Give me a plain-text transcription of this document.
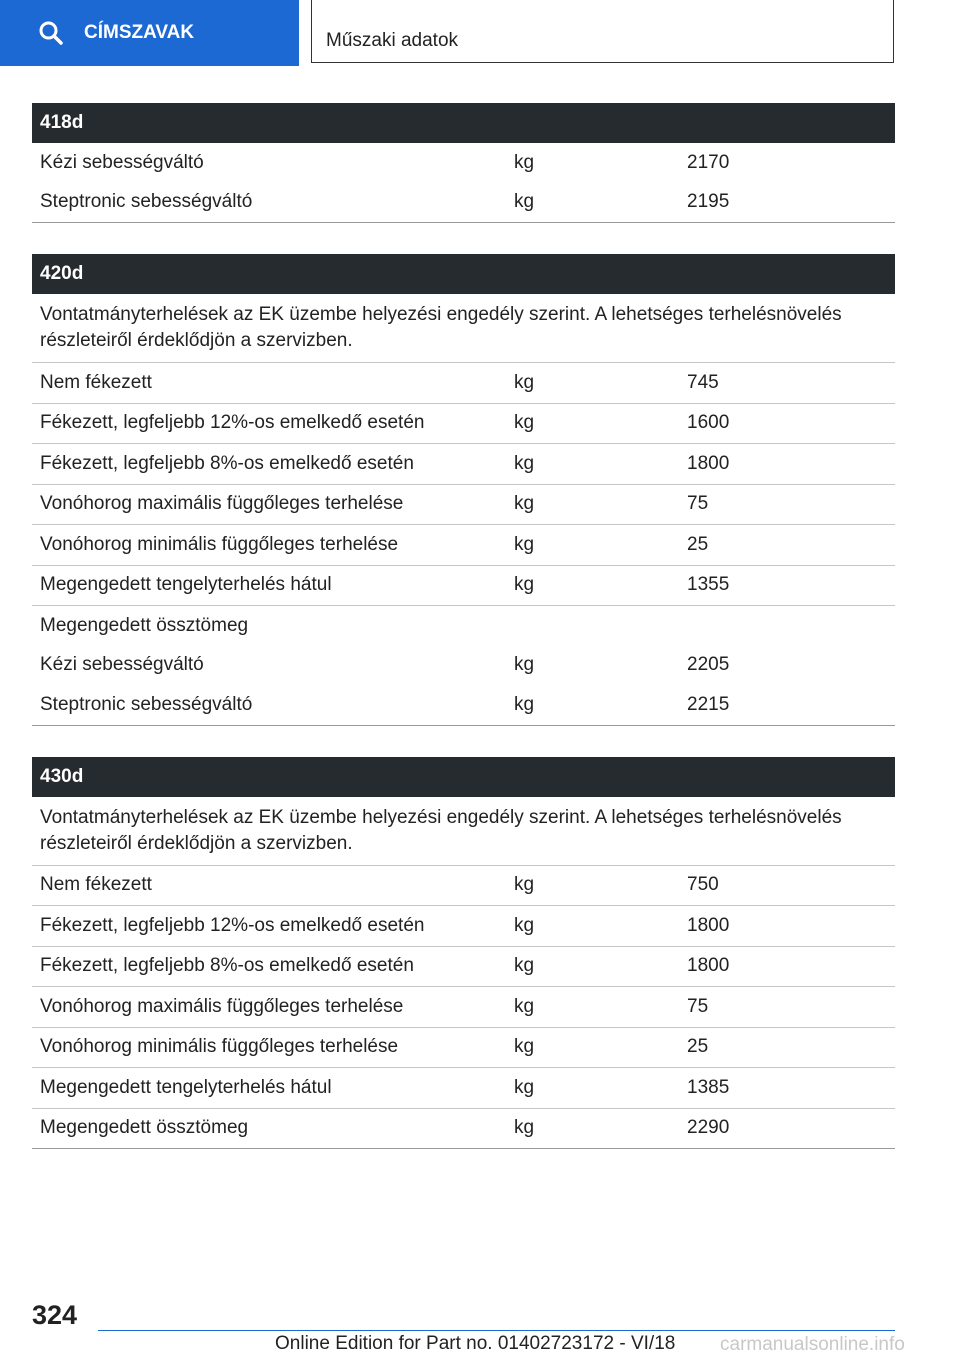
CÍMSZAVAK	Műszaki adatok
418d
Kézi sebességváltó	kg	2170
Steptronic sebességváltó	kg	2195
420d
Vontatmányterhelések az EK üzembe helyezési engedély szerint. A lehetséges terhelésnövelés részleteiről érdeklődjön a szervizben.
Nem fékezett	kg	745
Fékezett, legfeljebb 12%-os emelkedő esetén	kg	1600
Fékezett, legfeljebb 8%-os emelkedő esetén	kg	1800
Vonóhorog maximális függőleges terhelése	kg	75
Vonóhorog minimális függőleges terhelése	kg	25
Megengedett tengelyterhelés hátul	kg	1355
Megengedett össztömeg
Kézi sebességváltó	kg	2205
Steptronic sebességváltó	kg	2215
430d
Vontatmányterhelések az EK üzembe helyezési engedély szerint. A lehetséges terhelésnövelés részleteiről érdeklődjön a szervizben.
Nem fékezett	kg	750
Fékezett, legfeljebb 12%-os emelkedő esetén	kg	1800
Fékezett, legfeljebb 8%-os emelkedő esetén	kg	1800
Vonóhorog maximális függőleges terhelése	kg	75
Vonóhorog minimális függőleges terhelése	kg	25
Megengedett tengelyterhelés hátul	kg	1385
Megengedett össztömeg	kg	2290
324
Online Edition for Part no. 01402723172 - VI/18 carmanualsonline.info
